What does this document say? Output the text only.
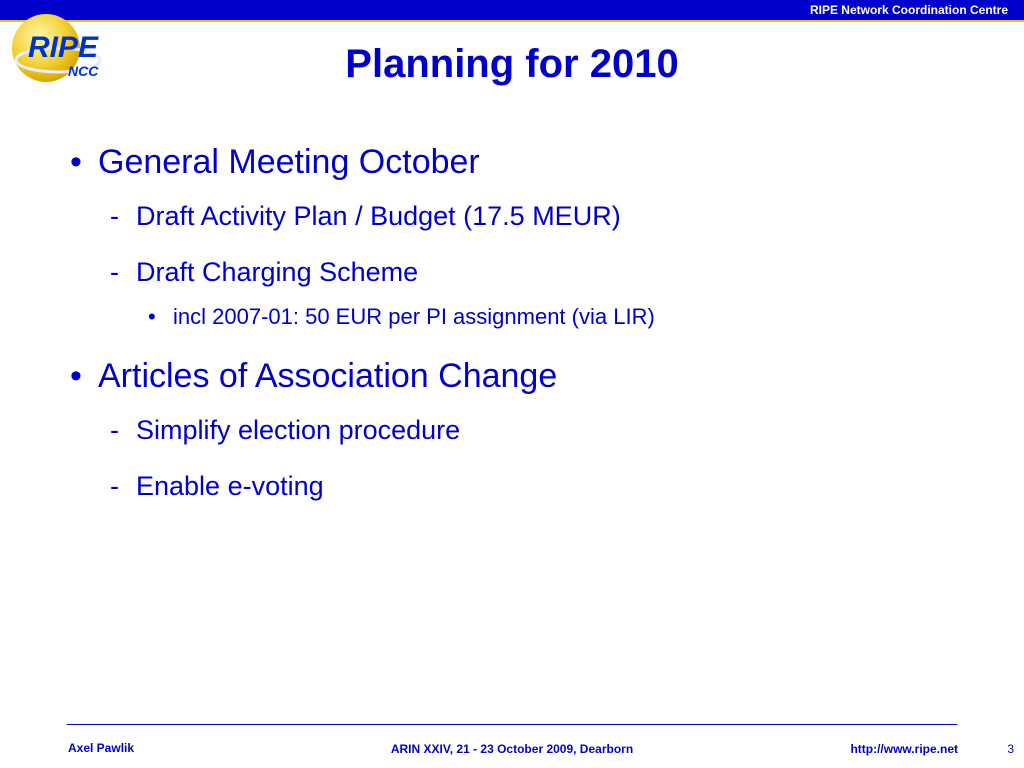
RIPE Network Coordination Centre
RIPE
NCC	Planning for 2010
• General Meeting October
- Draft Activity Plan / Budget (17.5 MEUR)
- Draft Charging Scheme
• incl 2007-01: 50 EUR per PI assignment (via LIR)
• Articles of Association Change
- Simplify election procedure
- Enable e-voting
Axel Pawlik	ARIN XXIV, 21 - 23 October 2009, Dearborn	http://www.ripe.net	3
